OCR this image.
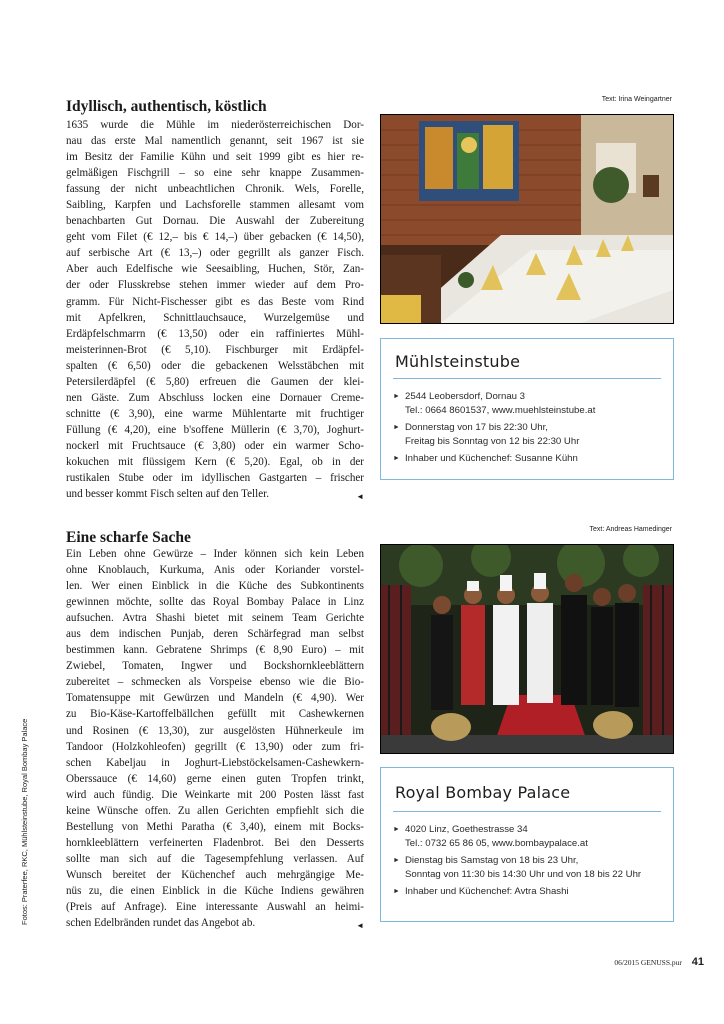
Text: Irina Weingartner
Idyllisch, authentisch, köstlich
1635 wurde die Mühle im niederösterreichischen Dor-
nau das erste Mal namentlich genannt, seit 1967 ist sie
im Besitz der Familie Kühn und seit 1999 gibt es hier re-
gelmäßigen Fischgrill – so eine sehr knappe Zusammen-
fassung der nicht unbeachtlichen Chronik. Wels, Forelle,
Saibling, Karpfen und Lachsforelle stammen allesamt vom
benachbarten Gut Dornau. Die Auswahl der Zubereitung
geht vom Filet (€ 12,– bis € 14,–) über gebacken (€ 14,50),
auf serbische Art (€ 13,–) oder gegrillt als ganzer Fisch.
Aber auch Edelfische wie Seesaibling, Huchen, Stör, Zan-
der oder Flusskrebse stehen immer wieder auf dem Pro-
gramm. Für Nicht-Fischesser gibt es das Beste vom Rind
mit Apfelkren, Schnittlauchsauce, Wurzelgemüse und
Erdäpfelschmarrn (€ 13,50) oder ein raffiniertes Mühl-
meisterinnen-Brot (€ 5,10). Fischburger mit Erdäpfel-
spalten (€ 6,50) oder die gebackenen Welsstäbchen mit
Petersilerdäpfel (€ 5,80) erfreuen die Gaumen der klei-
nen Gäste. Zum Abschluss locken eine Dornauer Creme-
schnitte (€ 3,90), eine warme Mühlentarte mit fruchtiger
Füllung (€ 4,20), eine b'soffene Müllerin (€ 3,70), Joghurt-
nockerl mit Fruchtsauce (€ 3,80) oder ein warmer Scho-
kokuchen mit flüssigem Kern (€ 5,20). Egal, ob in der
rustikalen Stube oder im idyllischen Gastgarten – frischer
und besser kommt Fisch selten auf den Teller.	◄
Mühlsteinstube
► 2544 Leobersdorf, Dornau 3
Tel.: 0664 8601537, www.muehlsteinstube.at
► Donnerstag von 17 bis 22:30 Uhr,
Freitag bis Sonntag von 12 bis 22:30 Uhr
► Inhaber und Küchenchef: Susanne Kühn
Text: Andreas Hamedinger
Eine scharfe Sache
Ein Leben ohne Gewürze – Inder können sich kein Leben
ohne Knoblauch, Kurkuma, Anis oder Koriander vorstel-
len. Wer einen Einblick in die Küche des Subkontinents
gewinnen möchte, sollte das Royal Bombay Palace in Linz
aufsuchen. Avtra Shashi bietet mit seinem Team Gerichte
aus dem indischen Punjab, deren Schärfegrad man selbst
bestimmen kann. Gebratene Shrimps (€ 8,90 Euro) – mit
Zwiebel, Tomaten, Ingwer und Bockshornkleeblättern
zubereitet – schmecken als Vorspeise ebenso wie die Bio-
Tomatensuppe mit Gewürzen und Mandeln (€ 4,90). Wer
zu Bio-Käse-Kartoffelbällchen gefüllt mit Cashewkernen
und Rosinen (€ 13,30), zur ausgelösten Hühnerkeule im
Tandoor (Holzkohleofen) gegrillt (€ 13,90) oder zum fri-
schen Kabeljau in Joghurt-Liebstöckelsamen-Cashewkern-
Oberssauce (€ 14,60) gerne einen guten Tropfen trinkt,
wird auch fündig. Die Weinkarte mit 200 Posten lässt fast
keine Wünsche offen. Zu allen Gerichten empfiehlt sich die
Bestellung von Methi Paratha (€ 3,40), einem mit Bocks-
hornkleeblättern verfeinerten Fladenbrot. Bei den Desserts
sollte man sich auf die Tagesempfehlung verlassen. Auf
Wunsch bereitet der Küchenchef auch mehrgängige Me-
nüs zu, die einen Einblick in die Küche Indiens gewähren
(Preis auf Anfrage). Eine interessante Auswahl an heimi-
schen Edelbränden rundet das Angebot ab.	◄
Royal Bombay Palace
► 4020 Linz, Goethestrasse 34
Tel.: 0732 65 86 05, www.bombaypalace.at
► Dienstag bis Samstag von 18 bis 23 Uhr,
Sonntag von 11:30 bis 14:30 Uhr und von 18 bis 22 Uhr
► Inhaber und Küchenchef: Avtra Shashi
Fotos: Praterfee, RKC, Mühlsteinstube, Royal Bombay Palace
06/2015 GENUSS.pur 41
